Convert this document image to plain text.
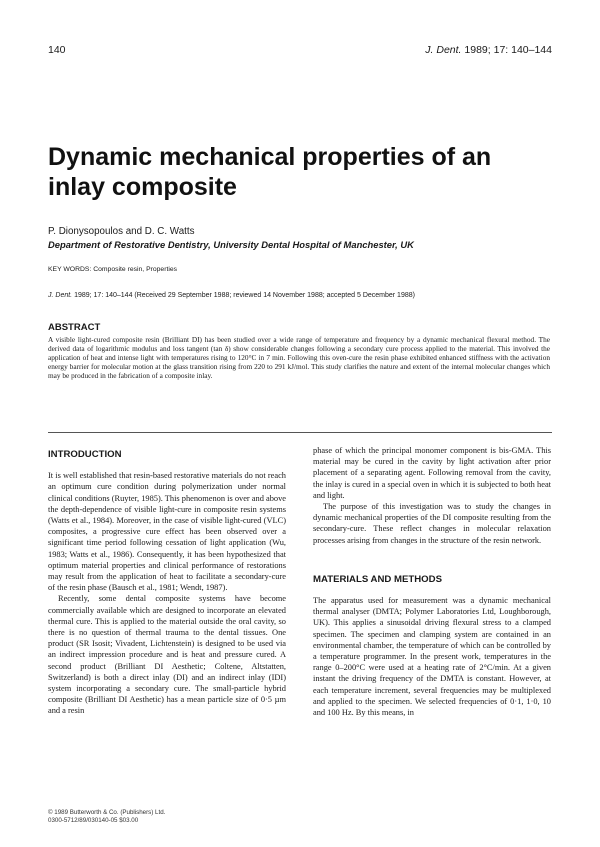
140	J. Dent. 1989; 17: 140–144
Dynamic mechanical properties of an inlay composite
P. Dionysopoulos and D. C. Watts
Department of Restorative Dentistry, University Dental Hospital of Manchester, UK
KEY WORDS: Composite resin, Properties
J. Dent. 1989; 17: 140–144 (Received 29 September 1988; reviewed 14 November 1988; accepted 5 December 1988)
ABSTRACT
A visible light-cured composite resin (Brilliant DI) has been studied over a wide range of temperature and frequency by a dynamic mechanical flexural method. The derived data of logarithmic modulus and loss tangent (tan δ) show considerable changes following a secondary cure process applied to the material. This involved the application of heat and intense light with temperatures rising to 120°C in 7 min. Following this oven-cure the resin phase exhibited enhanced stiffness with the activation energy barrier for molecular motion at the glass transition rising from 220 to 291 kJ/mol. This study clarifies the nature and extent of the internal molecular changes which may be produced in the fabrication of a composite inlay.
INTRODUCTION

It is well established that resin-based restorative materials do not reach an optimum cure condition during polymerization under normal clinical conditions (Ruyter, 1985). This phenomenon is over and above the depth-dependence of visible light-cure in composite resin systems (Watts et al., 1984). Moreover, in the case of visible light-cured (VLC) composites, a progressive cure effect has been observed over a significant time period following cessation of light application (Wu, 1983; Watts et al., 1986). Consequently, it has been hypothesized that optimum material properties and clinical performance of restorations may result from the application of heat to facilitate a secondary-cure of the resin phase (Bausch et al., 1981; Wendt, 1987).

Recently, some dental composite systems have become commercially available which are designed to incorporate an elevated thermal cure. This is applied to the material outside the oral cavity, so there is no question of thermal trauma to the dental tissues. One product (SR Isosit; Vivadent, Lichtenstein) is designed to be used via an indirect impression procedure and is heat and pressure cured. A second product (Brilliant DI Aesthetic; Coltene, Altstatten, Switzerland) is both a direct inlay (DI) and an indirect inlay (IDI) system incorporating a secondary cure. The small-particle hybrid composite (Brilliant DI Aesthetic) has a mean particle size of 0·5 µm and a resin

phase of which the principal monomer component is bis-GMA. This material may be cured in the cavity by light activation after prior placement of a separating agent. Following removal from the cavity, the inlay is cured in a special oven in which it is subjected to both heat and light.

The purpose of this investigation was to study the changes in dynamic mechanical properties of the DI composite resulting from the secondary-cure. These reflect changes in molecular relaxation processes arising from changes in the structure of the resin network.

MATERIALS AND METHODS

The apparatus used for measurement was a dynamic mechanical thermal analyser (DMTA; Polymer Laboratories Ltd, Loughborough, UK). This applies a sinusoidal driving flexural stress to a clamped specimen. The specimen and clamping system are contained in an environmental chamber, the temperature of which can be controlled by a temperature programmer. In the present work, temperatures in the range 0–200°C were used at a heating rate of 2°C/min. At a given instant the driving frequency of the DMTA is constant. However, at each temperature increment, several frequencies may be multiplexed and applied to the specimen. We selected frequencies of 0·1, 1·0, 10 and 100 Hz. By this means, in

© 1989 Butterworth & Co. (Publishers) Ltd.
0300-5712/89/030140-05 $03.00
